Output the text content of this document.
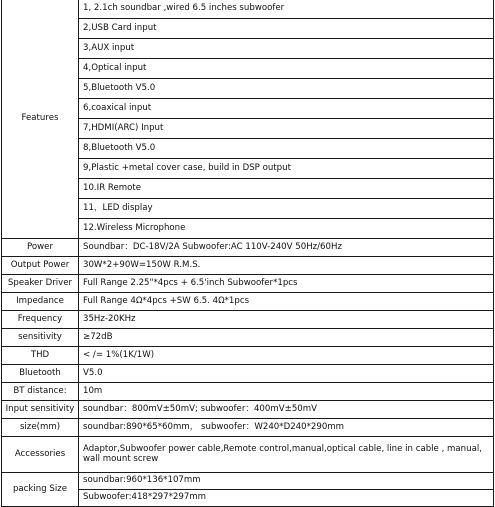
Features	1, 2.1ch soundbar ,wired 6.5 inches subwoofer
	2,USB Card input
	3,AUX input
	4,Optical input
	5,Bluetooth V5.0
	6,coaxical input
	7,HDMI(ARC) Input
	8,Bluetooth V5.0
	9,Plastic +metal cover case, build in DSP output
	10.IR Remote
	11，LED display
	12.Wireless Microphone
Power	Soundbar：DC-18V/2A Subwoofer:AC 110V-240V 50Hz/60Hz
Output Power	30W*2+90W=150W R.M.S.
Speaker Driver	Full Range 2.25"*4pcs + 6.5'inch Subwoofer*1pcs
Impedance	Full Range 4Ω*4pcs +SW 6.5. 4Ω*1pcs
Frequency	35Hz-20KHz
sensitivity	≥72dB
THD	< /= 1%(1K/1W)
Bluetooth	V5.0
BT distance:	10m
Input sensitivity	soundbar：800mV±50mV; subwoofer：400mV±50mV
size(mm)	soundbar:890*65*60mm， subwoofer：W240*D240*290mm
Accessories	Adaptor,Subwoofer power cable,Remote control,manual,optical cable, line in cable , manual, wall mount screw
packing Size	soundbar:960*136*107mm
	Subwoofer:418*297*297mm
